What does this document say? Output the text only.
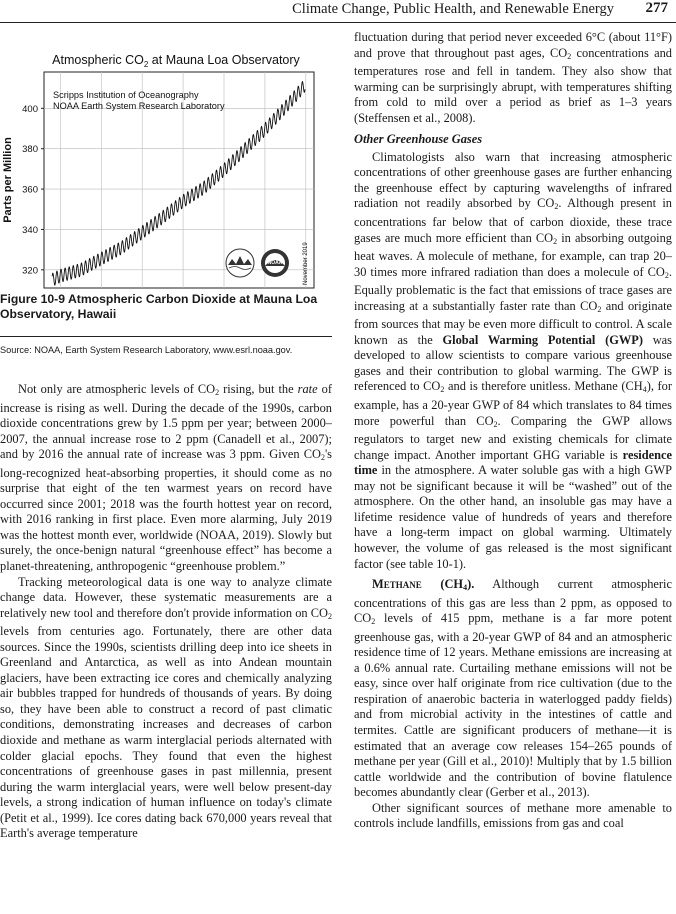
Climate Change, Public Health, and Renewable Energy 277
Atmospheric $CO_2$ at Mauna Loa Observatory
320
340
360
380
400
Scripps Institution of Oceanography
NOAA Earth System Research Laboratory
NOAA	November 2019
Parts per Million
Figure 10-9 Atmospheric Carbon Dioxide at Mauna Loa Observatory, Hawaii
Source: NOAA, Earth System Research Laboratory, www.esrl.noaa.gov.

Not only are atmospheric levels of $CO_2$ rising, but the rate of increase is rising as well. During the decade of the 1990s, carbon dioxide concentrations grew by 1.5 ppm per year; between 2000–2007, the annual increase rose to 2 ppm (Canadell et al., 2007); and by 2016 the annual rate of increase was 3 ppm. Given $CO_2's$ long-recognized heat-absorbing properties, it should come as no surprise that eight of the ten warmest years on record have occurred since 2001; 2018 was the fourth hottest year on record, with 2016 ranking in first place. Even more alarming, July 2019 was the hottest month ever, worldwide (NOAA, 2019). Slowly but surely, the once-benign natural “greenhouse effect” has become a planet-threatening, anthropogenic “greenhouse problem.”

Tracking meteorological data is one way to analyze climate change data. However, these systematic measurements are a relatively new tool and therefore don't provide information on $CO_2$ levels from centuries ago. Fortunately, there are other data sources. Since the 1990s, scientists drilling deep into ice sheets in Greenland and Antarctica, as well as into Andean mountain glaciers, have been extracting ice cores and chemically analyzing air bubbles trapped for hundreds of thousands of years. By doing so, they have been able to construct a record of past climatic conditions, demonstrating increases and decreases of carbon dioxide and methane as warm interglacial periods alternated with colder glacial epochs. They found that even the highest concentrations of greenhouse gases in past millennia, present during the warm interglacial years, were well below present-day levels, a strong indication of human influence on today's climate (Petit et al., 1999). Ice cores dating back 670,000 years reveal that Earth's average temperature

fluctuation during that period never exceeded 6°C (about 11°F) and prove that throughout past ages, $CO_2$ concentrations and temperatures rose and fell in tandem. They also show that warming can be surprisingly abrupt, with temperatures shifting from cold to mild over a period as brief as 1–3 years (Steffensen et al., 2008).

Other Greenhouse Gases

Climatologists also warn that increasing atmospheric concentrations of other greenhouse gases are further enhancing the greenhouse effect by capturing wavelengths of infrared radiation not readily absorbed by $CO_2$. Although present in concentrations far below that of carbon dioxide, these trace gases are much more efficient than $CO_2$ in absorbing outgoing heat waves. A molecule of methane, for example, can trap 20–30 times more infrared radiation than does a molecule of $CO_2$. Equally problematic is the fact that emissions of trace gases are increasing at a substantially faster rate than $CO_2$ and originate from sources that may be even more difficult to control. A scale known as the Global Warming Potential (GWP) was developed to allow scientists to compare various greenhouse gases and their contribution to global warming. The GWP is referenced to $CO_2$ and is therefore unitless. Methane $(CH_4)$, for example, has a 20-year GWP of 84 which translates to 84 times more powerful than $CO_2$. Comparing the GWP allows regulators to target new and existing chemicals for climate change impact. Another important GHG variable is residence time in the atmosphere. A water soluble gas with a high GWP may not be significant because it will be “washed” out of the atmosphere. On the other hand, an insoluble gas may have a lifetime residence value of hundreds of years and therefore have a long-term impact on global warming. Ultimately however, the volume of gas released is the most significant factor (see table 10-1).

Methane $(CH_4)$. Although current atmospheric concentrations of this gas are less than 2 ppm, as opposed to $CO_2$ levels of 415 ppm, methane is a far more potent greenhouse gas, with a 20-year GWP of 84 and an atmospheric residence time of 12 years. Methane emissions are increasing at a 0.6% annual rate. Curtailing methane emissions will not be easy, since over half originate from rice cultivation (due to the respiration of anaerobic bacteria in waterlogged paddy fields) and from microbial activity in the intestines of cattle and termites. Cattle are significant producers of methane—it is estimated that an average cow releases 154–265 pounds of methane per year (Gill et al., 2010)! Multiply that by 1.5 billion cattle worldwide and the contribution of bovine flatulence becomes abundantly clear (Gerber et al., 2013).

Other significant sources of methane more amenable to controls include landfills, emissions from gas and coal
